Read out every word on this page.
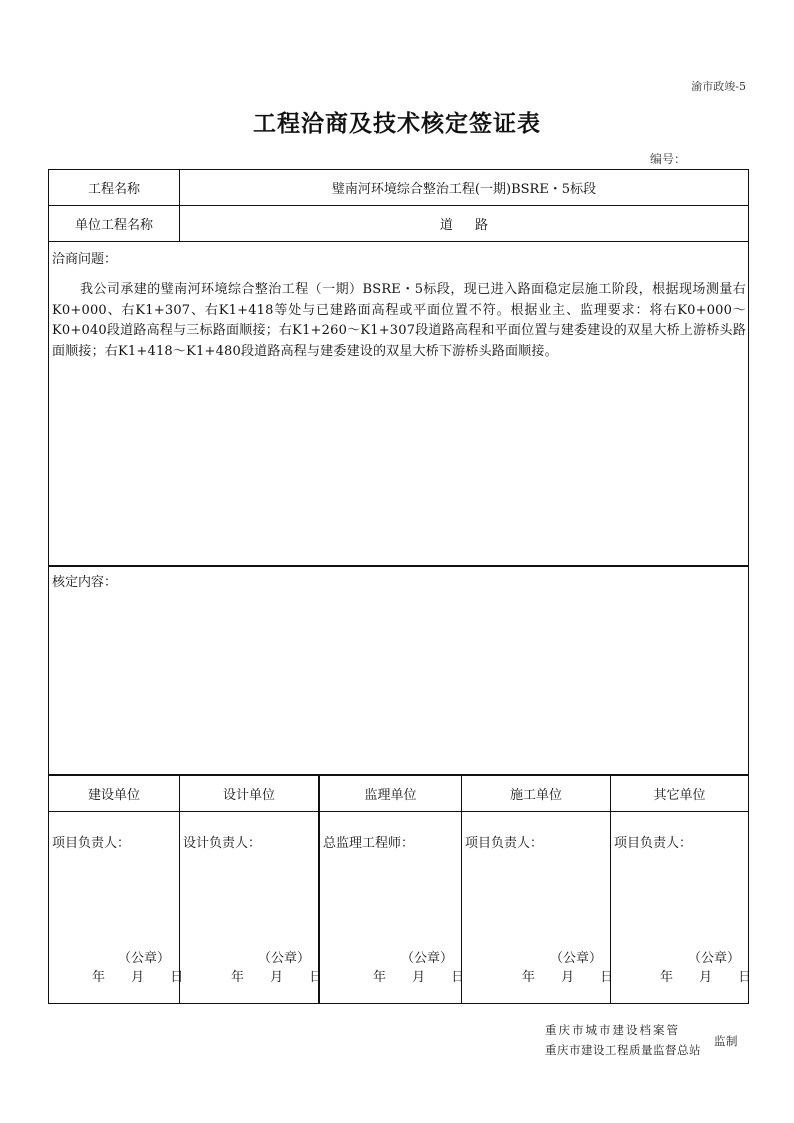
渝市政竣-5
工程洽商及技术核定签证表
编号：
工程名称	璧南河环境综合整治工程(一期)BSRE・5标段
单位工程名称	道 路
洽商问题：
我公司承建的璧南河环境综合整治工程（一期）BSRE・5标段，现已进入路面稳定层施工阶段，根据现场测量右K0+000、右K1+307、右K1+418等处与已建路面高程或平面位置不符。根据业主、监理要求：将右K0+000～K0+040段道路高程与三标路面顺接；右K1+260～K1+307段道路高程和平面位置与建委建设的双星大桥上游桥头路面顺接；右K1+418～K1+480段道路高程与建委建设的双星大桥下游桥头路面顺接。
核定内容：
建设单位	设计单位	监理单位	施工单位	其它单位
项目负责人：	设计负责人：	总监理工程师：	项目负责人：	项目负责人：
（公章）	（公章）	（公章）	（公章）	（公章）
年 月 日	年 月 日	年 月 日	年 月 日	年 月 日
重庆市城市建设档案管
重庆市建设工程质量监督总站
监制
